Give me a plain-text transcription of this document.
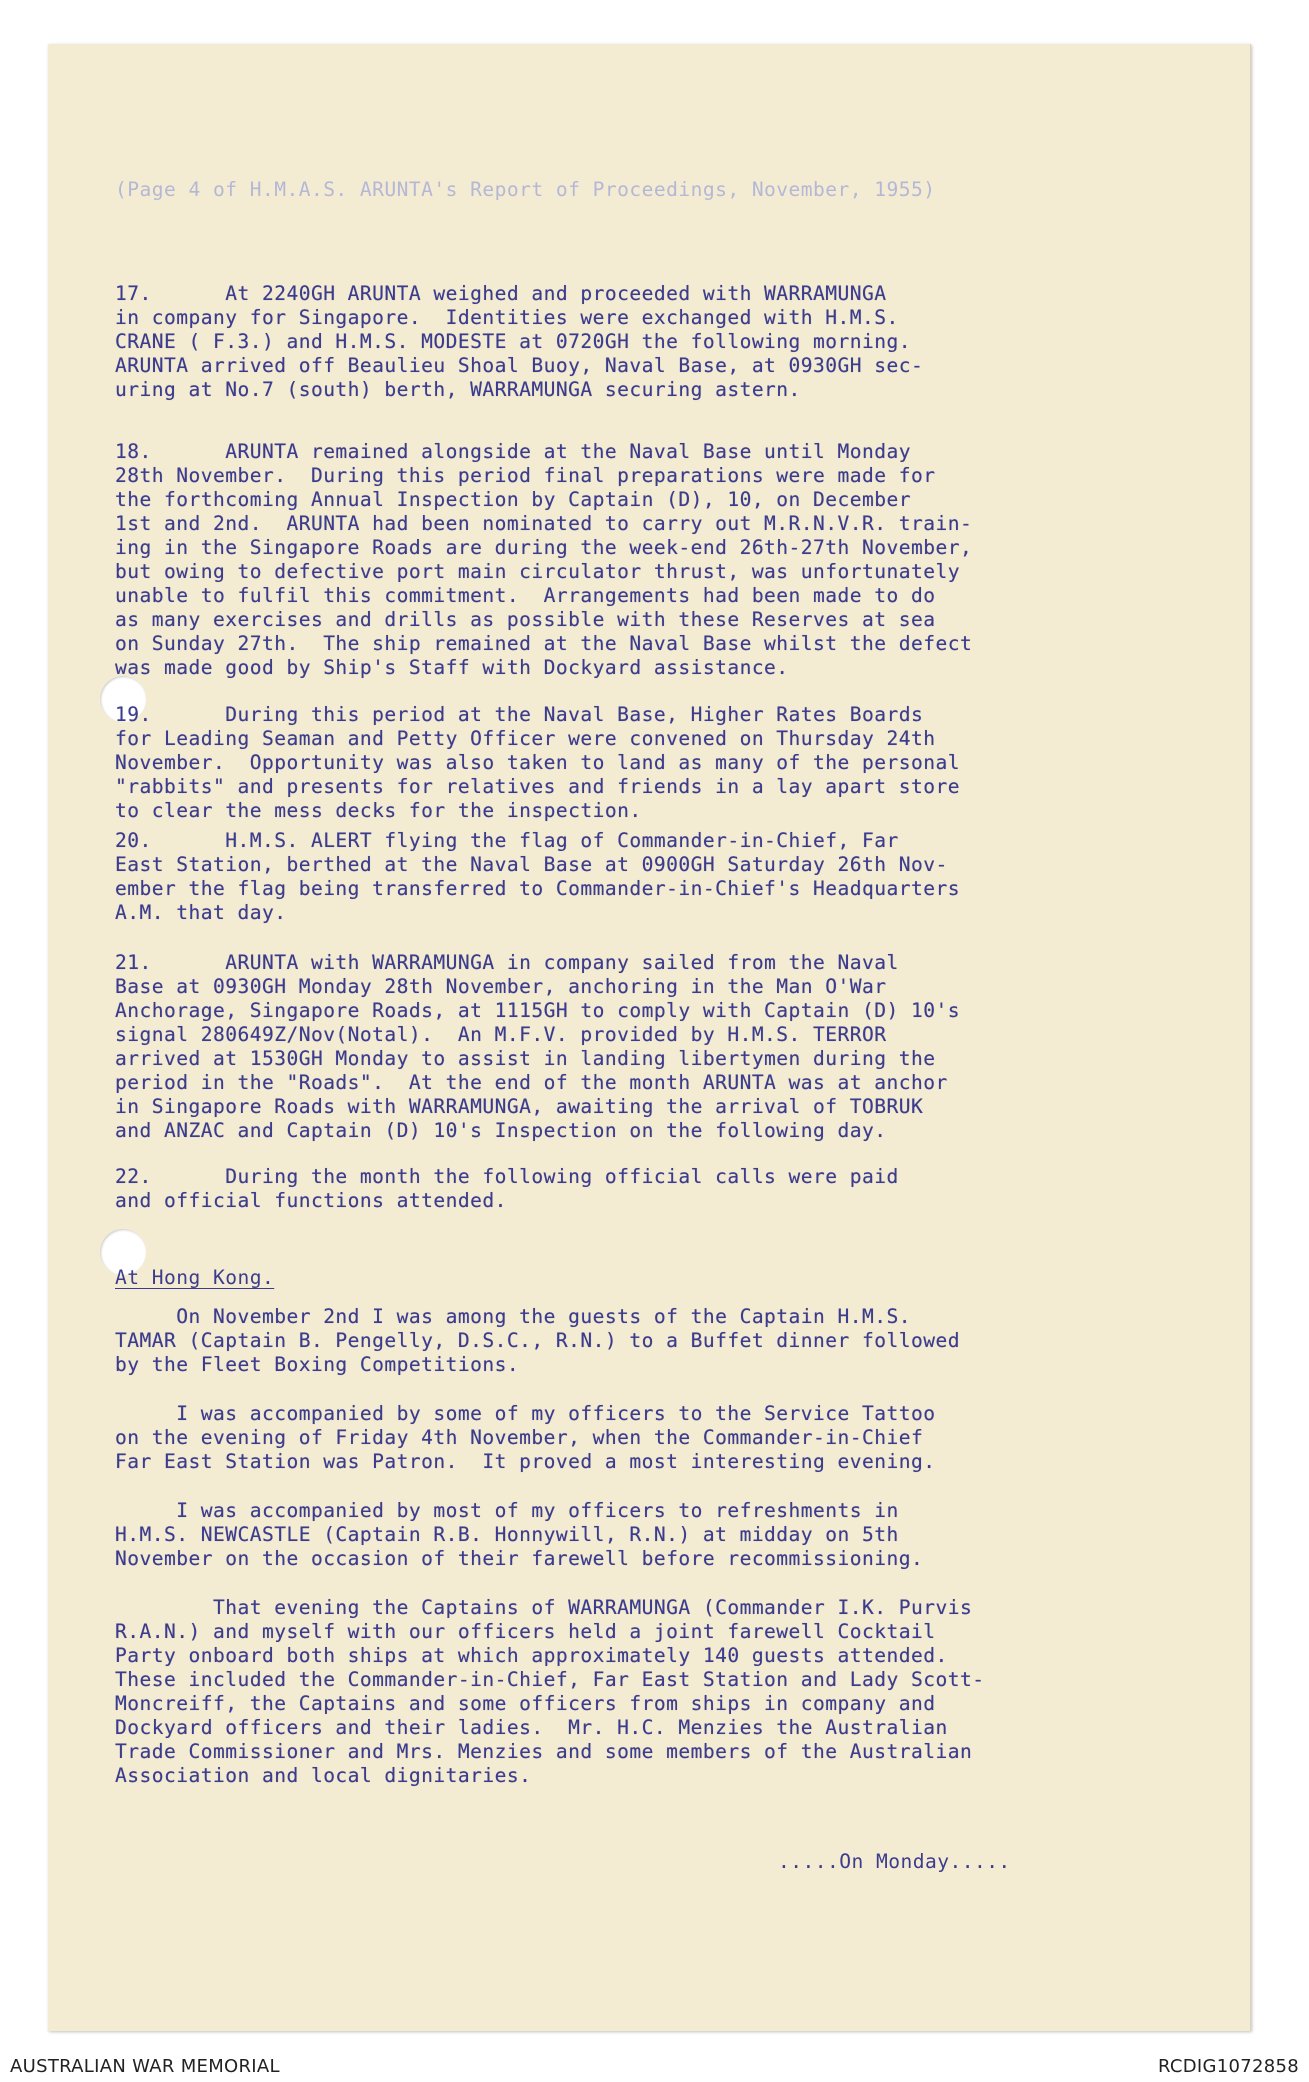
(Page 4 of H.M.A.S. ARUNTA's Report of Proceedings, November, 1955)
17.      At 2240GH ARUNTA weighed and proceeded with WARRAMUNGA
in company for Singapore.  Identities were exchanged with H.M.S.
CRANE ( F.3.) and H.M.S. MODESTE at 0720GH the following morning.
ARUNTA arrived off Beaulieu Shoal Buoy, Naval Base, at 0930GH sec-
uring at No.7 (south) berth, WARRAMUNGA securing astern.
18.      ARUNTA remained alongside at the Naval Base until Monday
28th November.  During this period final preparations were made for
the forthcoming Annual Inspection by Captain (D), 10, on December
1st and 2nd.  ARUNTA had been nominated to carry out M.R.N.V.R. train-
ing in the Singapore Roads are during the week-end 26th-27th November,
but owing to defective port main circulator thrust, was unfortunately
unable to fulfil this commitment.  Arrangements had been made to do
as many exercises and drills as possible with these Reserves at sea
on Sunday 27th.  The ship remained at the Naval Base whilst the defect
was made good by Ship's Staff with Dockyard assistance.
19.      During this period at the Naval Base, Higher Rates Boards
for Leading Seaman and Petty Officer were convened on Thursday 24th
November.  Opportunity was also taken to land as many of the personal
"rabbits" and presents for relatives and friends in a lay apart store
to clear the mess decks for the inspection.
20.      H.M.S. ALERT flying the flag of Commander-in-Chief, Far
East Station, berthed at the Naval Base at 0900GH Saturday 26th Nov-
ember the flag being transferred to Commander-in-Chief's Headquarters
A.M. that day.
21.      ARUNTA with WARRAMUNGA in company sailed from the Naval
Base at 0930GH Monday 28th November, anchoring in the Man O'War
Anchorage, Singapore Roads, at 1115GH to comply with Captain (D) 10's
signal 280649Z/Nov(Notal).  An M.F.V. provided by H.M.S. TERROR
arrived at 1530GH Monday to assist in landing libertymen during the
period in the "Roads".  At the end of the month ARUNTA was at anchor
in Singapore Roads with WARRAMUNGA, awaiting the arrival of TOBRUK
and ANZAC and Captain (D) 10's Inspection on the following day.
22.      During the month the following official calls were paid
and official functions attended.
At Hong Kong.
On November 2nd I was among the guests of the Captain H.M.S.
TAMAR (Captain B. Pengelly, D.S.C., R.N.) to a Buffet dinner followed
by the Fleet Boxing Competitions.
I was accompanied by some of my officers to the Service Tattoo
on the evening of Friday 4th November, when the Commander-in-Chief
Far East Station was Patron.  It proved a most interesting evening.
I was accompanied by most of my officers to refreshments in
H.M.S. NEWCASTLE (Captain R.B. Honnywill, R.N.) at midday on 5th
November on the occasion of their farewell before recommissioning.
That evening the Captains of WARRAMUNGA (Commander I.K. Purvis
R.A.N.) and myself with our officers held a joint farewell Cocktail
Party onboard both ships at which approximately 140 guests attended.
These included the Commander-in-Chief, Far East Station and Lady Scott-
Moncreiff, the Captains and some officers from ships in company and
Dockyard officers and their ladies.  Mr. H.C. Menzies the Australian
Trade Commissioner and Mrs. Menzies and some members of the Australian
Association and local dignitaries.
.....On Monday.....
AUSTRALIAN WAR MEMORIAL	RCDIG1072858
